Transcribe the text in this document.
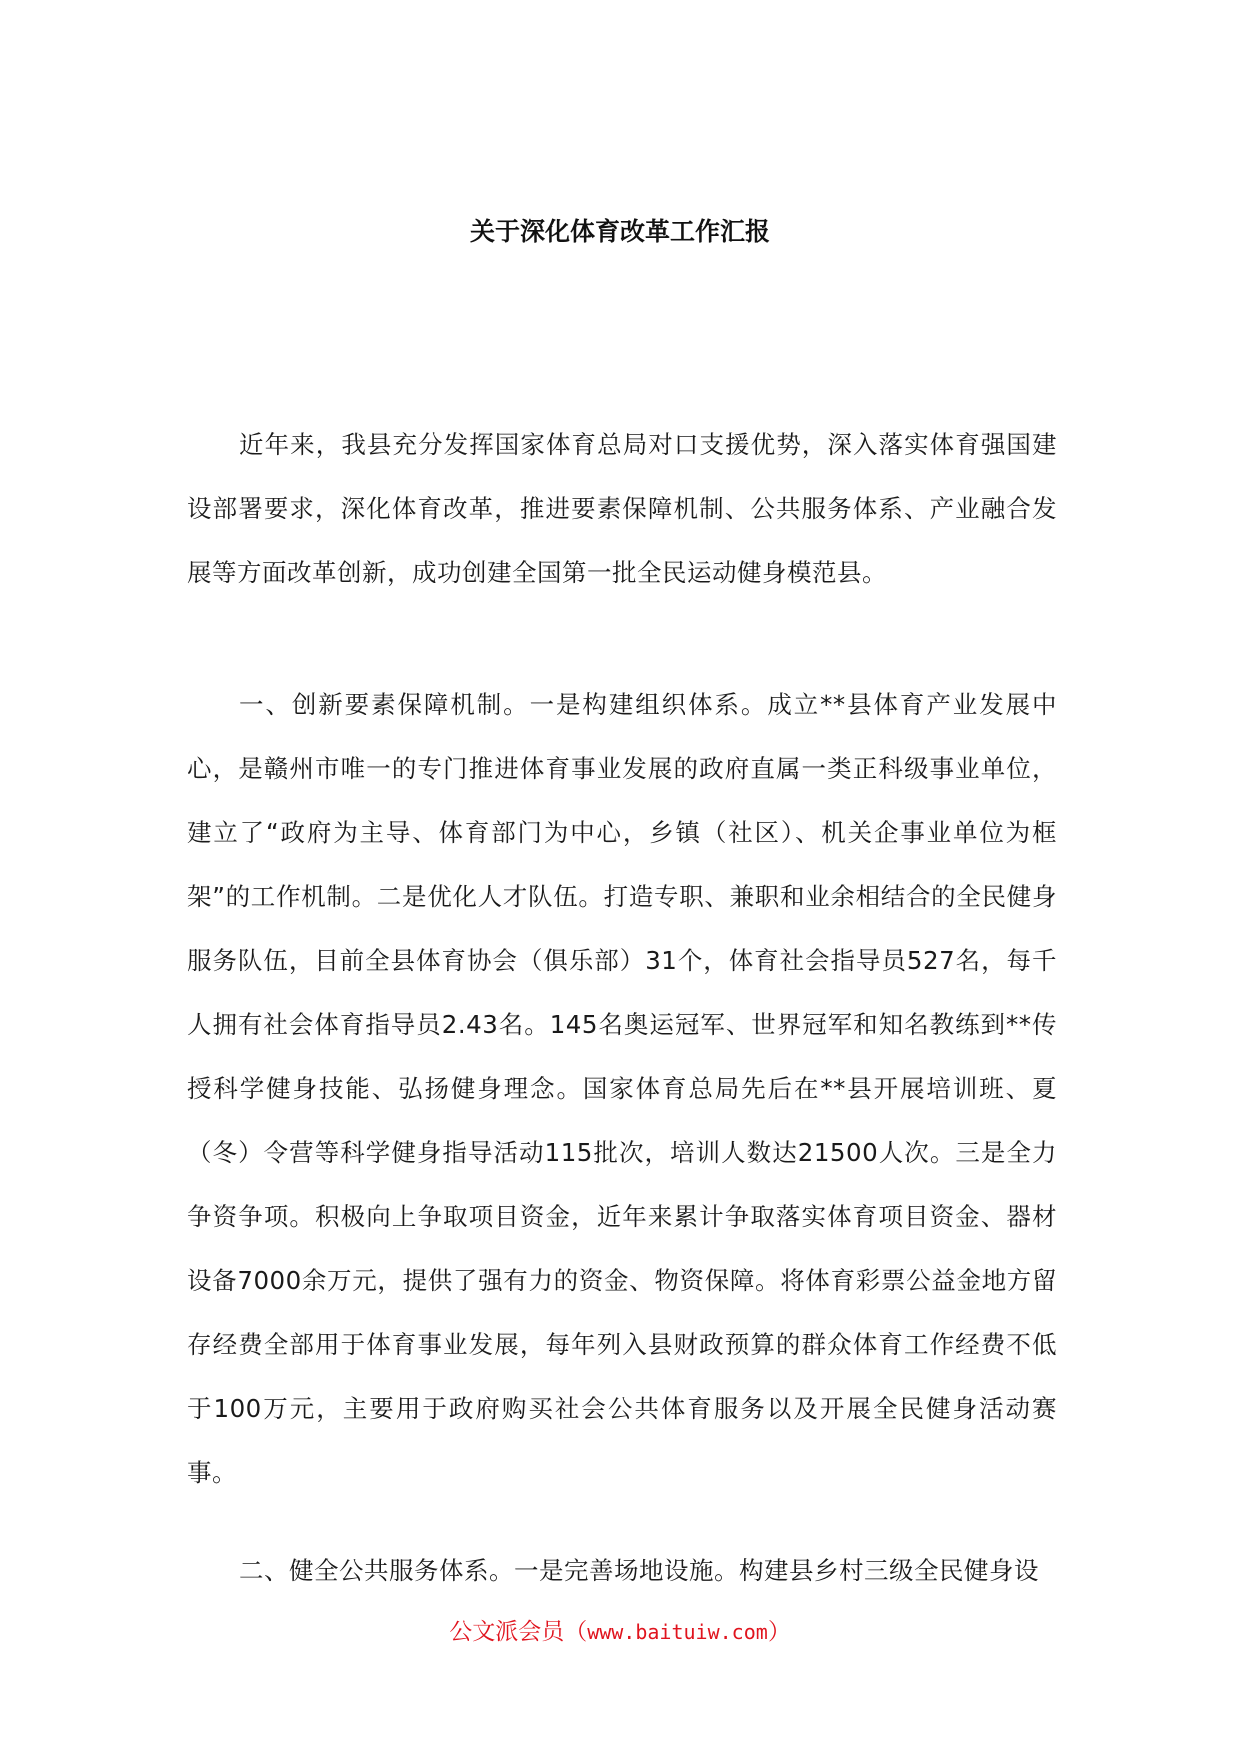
关于深化体育改革工作汇报

近年来，我县充分发挥国家体育总局对口支援优势，深入落实体育强国建设部署要求，深化体育改革，推进要素保障机制、公共服务体系、产业融合发展等方面改革创新，成功创建全国第一批全民运动健身模范县。

一、创新要素保障机制。一是构建组织体系。成立**县体育产业发展中心，是赣州市唯一的专门推进体育事业发展的政府直属一类正科级事业单位，建立了“政府为主导、体育部门为中心，乡镇（社区）、机关企事业单位为框架”的工作机制。二是优化人才队伍。打造专职、兼职和业余相结合的全民健身服务队伍，目前全县体育协会（俱乐部）31个，体育社会指导员527名，每千人拥有社会体育指导员2.43名。145名奥运冠军、世界冠军和知名教练到**传授科学健身技能、弘扬健身理念。国家体育总局先后在**县开展培训班、夏（冬）令营等科学健身指导活动115批次，培训人数达21500人次。三是全力争资争项。积极向上争取项目资金，近年来累计争取落实体育项目资金、器材设备7000余万元，提供了强有力的资金、物资保障。将体育彩票公益金地方留存经费全部用于体育事业发展，每年列入县财政预算的群众体育工作经费不低于100万元，主要用于政府购买社会公共体育服务以及开展全民健身活动赛事。

二、健全公共服务体系。一是完善场地设施。构建县乡村三级全民健身设

公文派会员（www.baituiw.com）
